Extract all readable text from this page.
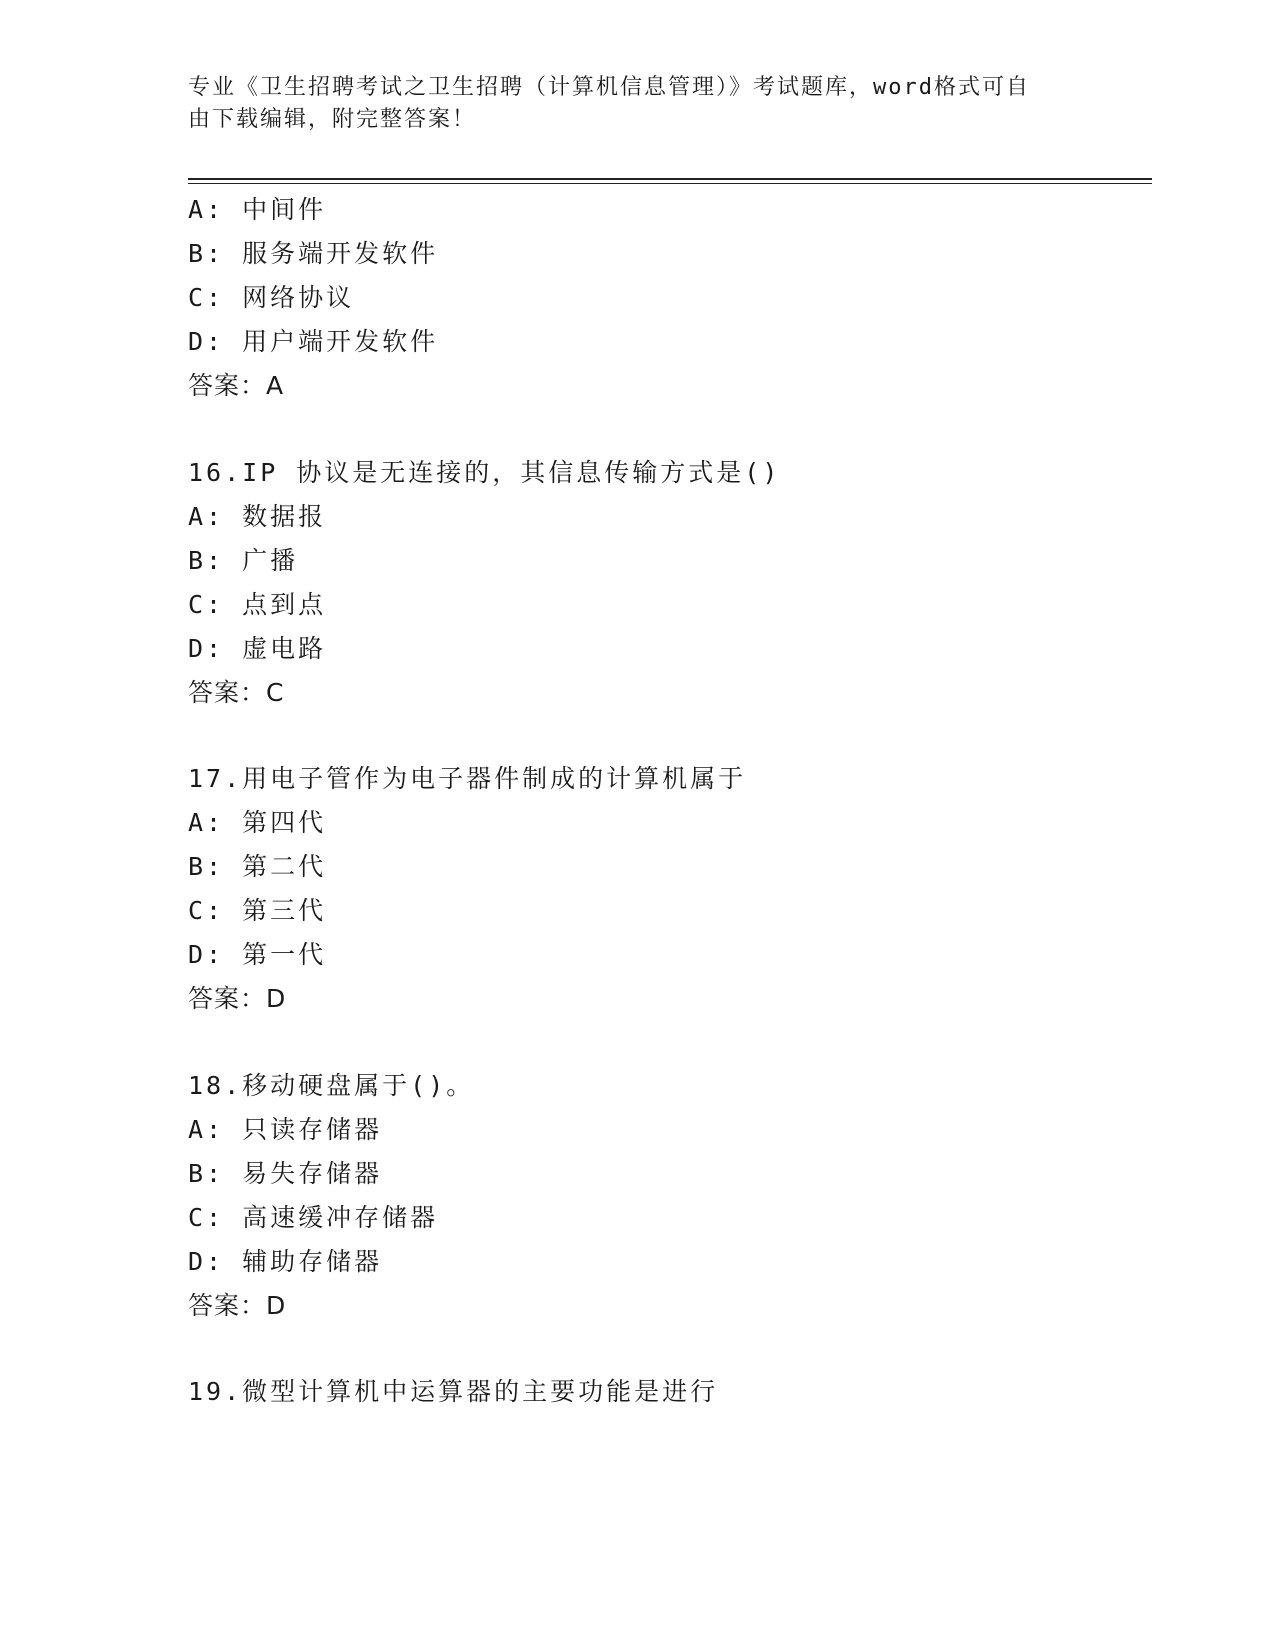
专业《卫生招聘考试之卫生招聘（计算机信息管理）》考试题库，word格式可自
由下载编辑，附完整答案！
A: 中间件
B: 服务端开发软件
C: 网络协议
D: 用户端开发软件
答案：A
16.IP 协议是无连接的，其信息传输方式是()
A: 数据报
B: 广播
C: 点到点
D: 虚电路
答案：C
17.用电子管作为电子器件制成的计算机属于
A: 第四代
B: 第二代
C: 第三代
D: 第一代
答案：D
18.移动硬盘属于()。
A: 只读存储器
B: 易失存储器
C: 高速缓冲存储器
D: 辅助存储器
答案：D
19.微型计算机中运算器的主要功能是进行
